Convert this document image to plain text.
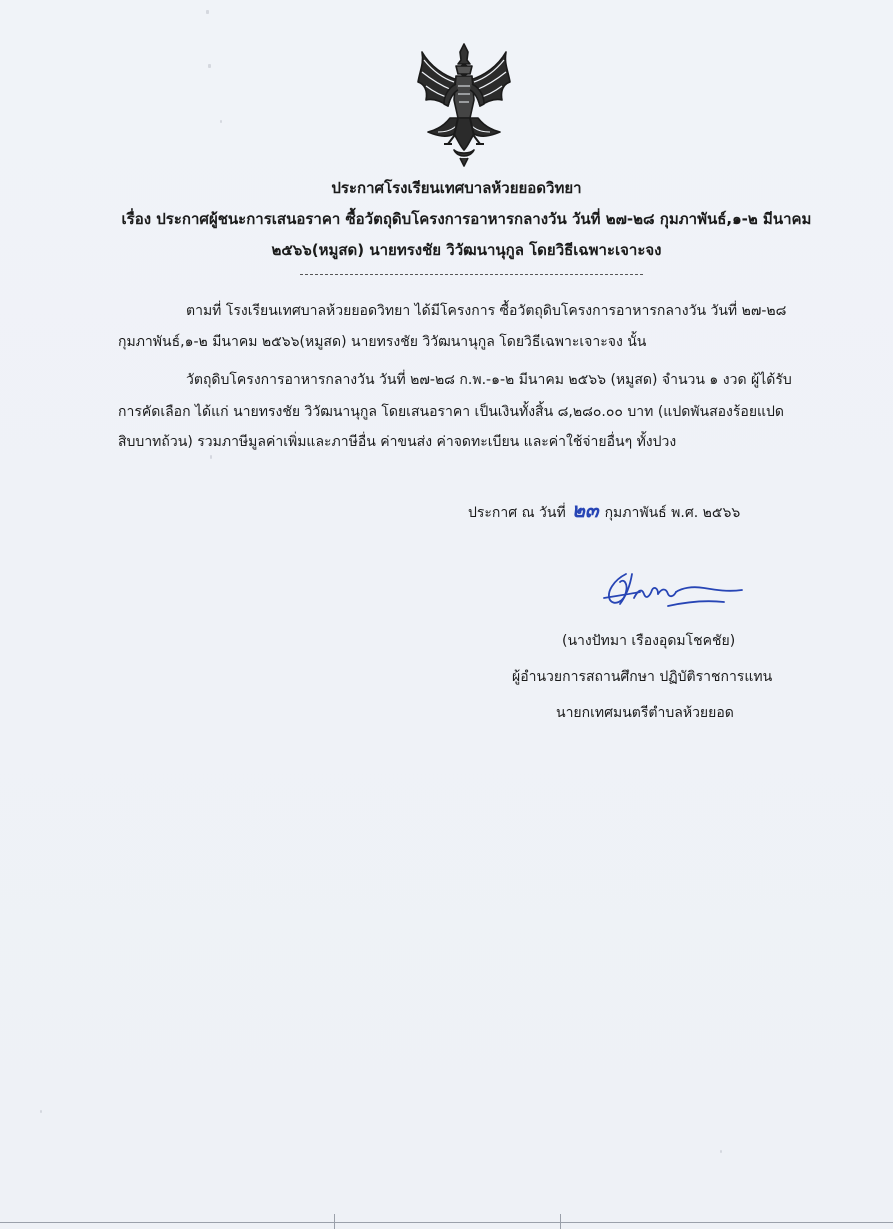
ประกาศโรงเรียนเทศบาลห้วยยอดวิทยา
เรื่อง ประกาศผู้ชนะการเสนอราคา ซื้อวัตถุดิบโครงการอาหารกลางวัน วันที่ ๒๗-๒๘ กุมภาพันธ์,๑-๒ มีนาคม
๒๕๖๖(หมูสด) นายทรงชัย วิวัฒนานุกูล โดยวิธีเฉพาะเจาะจง
ตามที่ โรงเรียนเทศบาลห้วยยอดวิทยา ได้มีโครงการ ซื้อวัตถุดิบโครงการอาหารกลางวัน วันที่ ๒๗-๒๘
กุมภาพันธ์,๑-๒ มีนาคม ๒๕๖๖(หมูสด) นายทรงชัย วิวัฒนานุกูล โดยวิธีเฉพาะเจาะจง นั้น
วัตถุดิบโครงการอาหารกลางวัน วันที่ ๒๗-๒๘ ก.พ.-๑-๒ มีนาคม ๒๕๖๖ (หมูสด) จำนวน ๑ งวด ผู้ได้รับ
การคัดเลือก ได้แก่ นายทรงชัย วิวัฒนานุกูล โดยเสนอราคา เป็นเงินทั้งสิ้น ๘,๒๘๐.๐๐ บาท (แปดพันสองร้อยแปด
สิบบาทถ้วน) รวมภาษีมูลค่าเพิ่มและภาษีอื่น ค่าขนส่ง ค่าจดทะเบียน และค่าใช้จ่ายอื่นๆ ทั้งปวง
ประกาศ ณ วันที่ ๒๓ กุมภาพันธ์ พ.ศ. ๒๕๖๖
(นางปัทมา เรืองอุดมโชคชัย)
ผู้อำนวยการสถานศึกษา ปฏิบัติราชการแทน
นายกเทศมนตรีตำบลห้วยยอด
